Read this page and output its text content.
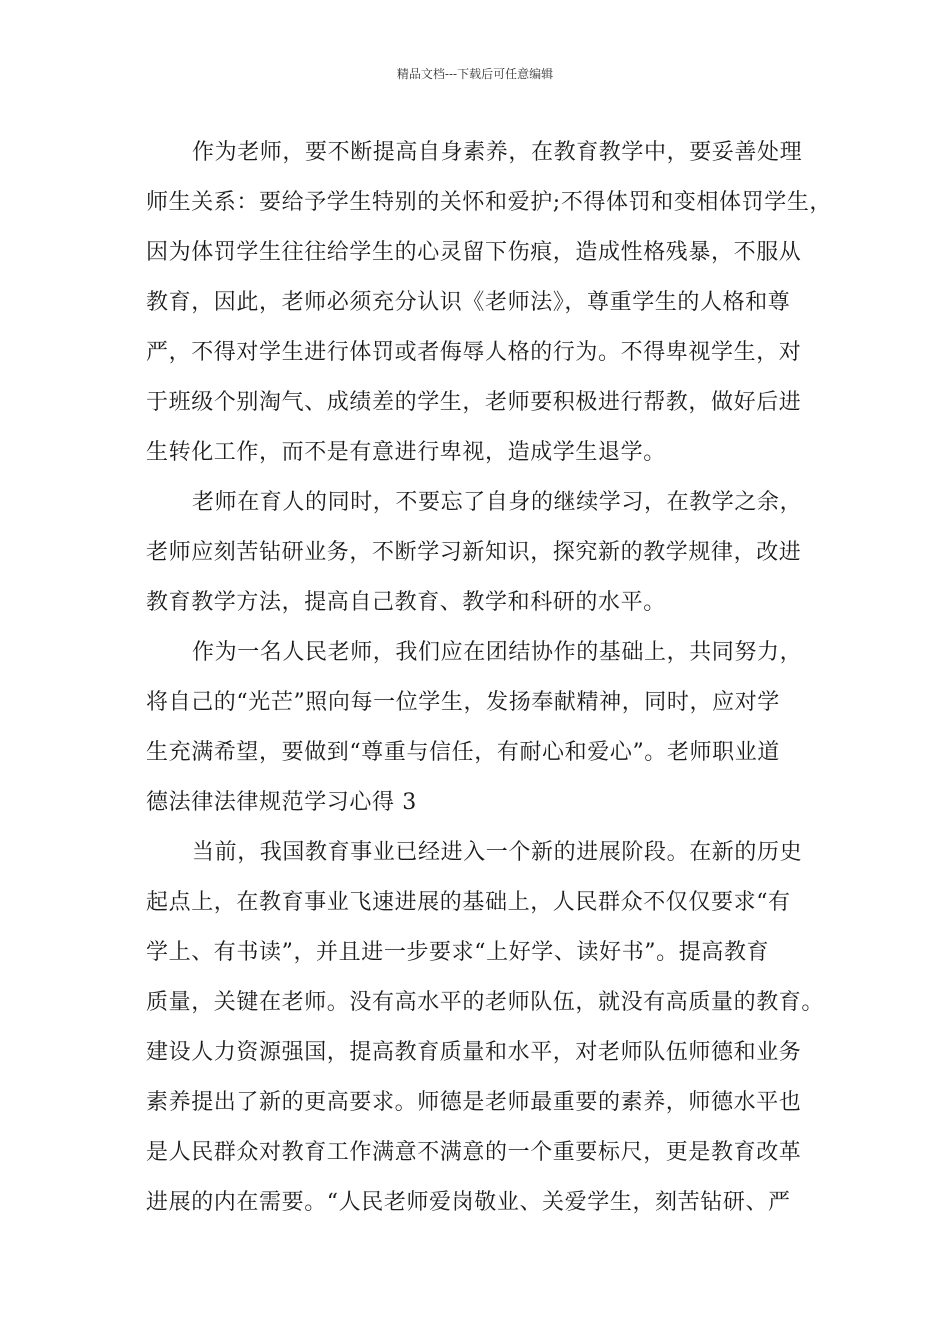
精品文档---下载后可任意编辑
作为老师，要不断提高自身素养，在教育教学中，要妥善处理
师生关系：要给予学生特别的关怀和爱护;不得体罚和变相体罚学生，
因为体罚学生往往给学生的心灵留下伤痕，造成性格残暴，不服从
教育，因此，老师必须充分认识《老师法》，尊重学生的人格和尊
严，不得对学生进行体罚或者侮辱人格的行为。不得卑视学生，对
于班级个别淘气、成绩差的学生，老师要积极进行帮教，做好后进
生转化工作，而不是有意进行卑视，造成学生退学。
老师在育人的同时，不要忘了自身的继续学习，在教学之余，
老师应刻苦钻研业务，不断学习新知识，探究新的教学规律，改进
教育教学方法，提高自己教育、教学和科研的水平。
作为一名人民老师，我们应在团结协作的基础上，共同努力，
将自己的“光芒”照向每一位学生，发扬奉献精神，同时，应对学
生充满希望，要做到“尊重与信任，有耐心和爱心”。老师职业道
德法律法律规范学习心得 3
当前，我国教育事业已经进入一个新的进展阶段。在新的历史
起点上，在教育事业飞速进展的基础上，人民群众不仅仅要求“有
学上、有书读”，并且进一步要求“上好学、读好书”。提高教育
质量，关键在老师。没有高水平的老师队伍，就没有高质量的教育。
建设人力资源强国，提高教育质量和水平，对老师队伍师德和业务
素养提出了新的更高要求。师德是老师最重要的素养，师德水平也
是人民群众对教育工作满意不满意的一个重要标尺，更是教育改革
进展的内在需要。“人民老师爱岗敬业、关爱学生，刻苦钻研、严
